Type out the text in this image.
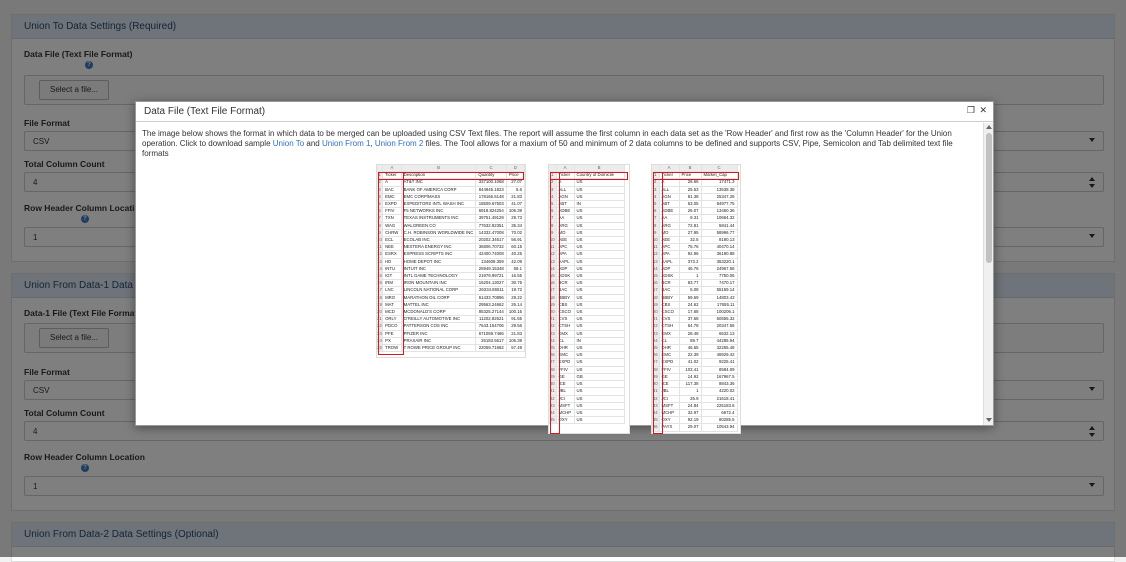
Data File (Text File Format)	❐ ✕

The image below shows the format in which data to be merged can be uploaded using CSV Text files. The report will assume the first column in each data set as the 'Row Header' and first row as the 'Column Header' for the Union operation. Click to download sample Union To and Union From 1, Union From 2 files. The Tool allows for a maxium of 50 and minimum of 2 data columns to be defined and supports CSV, Pipe, Semicolon and Tab delimited text file formats

	A	B	C	D
1	Ticker	Description	Quantity	Price
2	A	AT&T INC	337100.1068	27.07
3	BAC	BANK OF AMERICA CORP	844945.1823	5.6
4	EMC	EMC CORP/MASS	178166.5148	21.83
5	EXPD	EXPEDITORS INTL WASH INC	18509.67503	41.07
6	FFIV	F5 NETWORKS INC	6918.824254	106.39
7	TXN	TEXAS INSTRUMENTS INC	39751.49129	29.73
8	WAG	WALGREEN CO	77632.92351	35.34
9	CHRW	C.H. ROBINSON WORLDWIDE INC	14332.47008	70.02
10	ECL	ECOLAB INC	20202.34617	56.91
11	NEE	NEXTERA ENERGY INC	36806.70732	60.15
12	ESRX	EXPRESS SCRIPTS INC	42400.74008	40.25
13	HD	HOME DEPOT INC	134608.359	42.09
14	INTU	INTUIT INC	25949.15348	59.1
15	IGT	INTL GAME TECHNOLOGY	21979.99721	16.55
16	IRM	IRON MOUNTAIN INC	16204.13027	30.75
17	LNC	LINCOLN NATIONAL CORP	26334.86511	19.72
18	MRO	MARATHON OIL CORP	61433.70896	29.22
19	MAT	MATTEL INC	29563.24662	26.14
20	MCD	MCDONALD'S CORP	85325.27144	100.15
21	ORLY	O'REILLY AUTOMOTIVE INC	11202.82621	91.55
22	PDCO	PATTERSON COS INC	7643.154706	29.56
23	PFE	PFIZER INC	671059.7486	21.83
24	PX	PRAXAIR INC	26183.5617	106.39
25	TROW	T ROWE PRICE GROUP INC	22059.71682	57.49
	A	B
1	Ticker	Country of Domicile
2	A	US
3	ALL	US
4	AGN	US
5	ABT	IN
6	ADBE	US
7	AA	US
8	ARG	US
9	MO	US
10	AEE	US
11	APC	US
12	APA	US
13	AAPL	US
14	ADP	US
15	ADSK	US
16	BCR	US
17	BAC	US
18	BBBY	US
19	CBS	US
20	CSCO	US
21	CVS	US
22	CTSH	US
23	KMX	US
24	CL	IN
25	DHR	US
26	EMC	US
27	EXPD	US
28	FFIV	US
29	GE	GB
30	ICE	US
31	JBL	US
32	JCI	US
33	MSFT	US
34	MCHP	US
35	OXY	US
	A	B	C
1	Ticker	Price	Market_Cap
2	A	28.66	17471.3
3	ALL	25.53	13538.38
4	AGN	81.38	25347.28
5	ABT	53.05	84977.75
6	ADBE	26.07	13460.36
7	AA	9.31	10664.32
8	ARG	72.81	5841.44
9	MO	27.95	58996.77
10	AEE	32.5	8190.13
11	APC	75.76	40470.14
12	APA	92.96	36190.88
13	AAPL	373.2	353220.1
14	ADP	46.76	24967.58
15	ADSK	1	7750.06
16	BCR	83.77	7470.17
17	BAC	5.08	55159.14
18	BBBY	59.69	14803.43
19	CBS	24.62	17655.11
20	CSCO	17.68	100206.1
21	CVS	37.68	50555.32
22	CTSH	64.78	20347.56
23	KMX	28.48	6532.13
24	CL	89.7	44285.94
25	DHR	46.55	32265.48
26	EMC	22.39	46929.42
27	EXPD	41.02	9225.41
28	FFIV	103.41	8584.09
29	GE	14.92	167967.5
30	ICE	117.38	8843.36
31	JBL	1	4220.02
32	JCI	26.9	21618.41
33	MSFT	24.84	225183.6
34	MCHP	32.97	6672.4
35	OXY	92.19	80285.5
36	PAYX	29.07	10543.94
